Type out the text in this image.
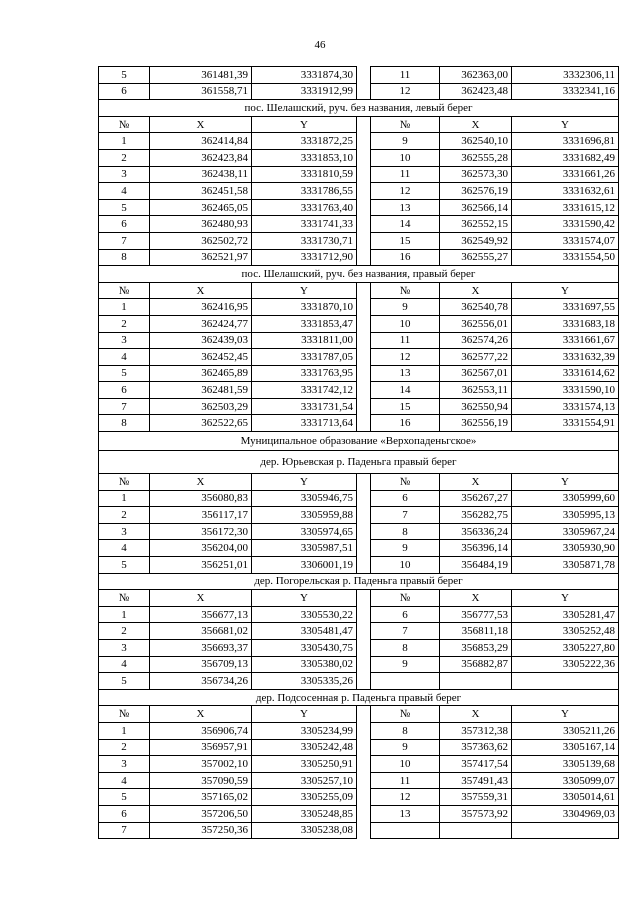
46
5	361481,39	3331874,30		11	362363,00	3332306,11
6	361558,71	3331912,99		12	362423,48	3332341,16
пос. Шелашский, руч. без названия, левый берег						
№	X	Y		№	X	Y
1	362414,84	3331872,25		9	362540,10	3331696,81
2	362423,84	3331853,10		10	362555,28	3331682,49
3	362438,11	3331810,59		11	362573,30	3331661,26
4	362451,58	3331786,55		12	362576,19	3331632,61
5	362465,05	3331763,40		13	362566,14	3331615,12
6	362480,93	3331741,33		14	362552,15	3331590,42
7	362502,72	3331730,71		15	362549,92	3331574,07
8	362521,97	3331712,90		16	362555,27	3331554,50
пос. Шелашский, руч. без названия, правый берег						
№	X	Y		№	X	Y
1	362416,95	3331870,10		9	362540,78	3331697,55
2	362424,77	3331853,47		10	362556,01	3331683,18
3	362439,03	3331811,00		11	362574,26	3331661,67
4	362452,45	3331787,05		12	362577,22	3331632,39
5	362465,89	3331763,95		13	362567,01	3331614,62
6	362481,59	3331742,12		14	362553,11	3331590,10
7	362503,29	3331731,54		15	362550,94	3331574,13
8	362522,65	3331713,64		16	362556,19	3331554,91
Муниципальное образование «Верхопаденьгское»						
дер. Юрьевская р. Паденьга правый берег						
№	X	Y		№	X	Y
1	356080,83	3305946,75		6	356267,27	3305999,60
2	356117,17	3305959,88		7	356282,75	3305995,13
3	356172,30	3305974,65		8	356336,24	3305967,24
4	356204,00	3305987,51		9	356396,14	3305930,90
5	356251,01	3306001,19		10	356484,19	3305871,78
дер. Погорельская р. Паденьга правый берег						
№	X	Y		№	X	Y
1	356677,13	3305530,22		6	356777,53	3305281,47
2	356681,02	3305481,47		7	356811,18	3305252,48
3	356693,37	3305430,75		8	356853,29	3305227,80
4	356709,13	3305380,02		9	356882,87	3305222,36
5	356734,26	3305335,26				
дер. Подсосенная р. Паденьга правый берег						
№	X	Y		№	X	Y
1	356906,74	3305234,99		8	357312,38	3305211,26
2	356957,91	3305242,48		9	357363,62	3305167,14
3	357002,10	3305250,91		10	357417,54	3305139,68
4	357090,59	3305257,10		11	357491,43	3305099,07
5	357165,02	3305255,09		12	357559,31	3305014,61
6	357206,50	3305248,85		13	357573,92	3304969,03
7	357250,36	3305238,08				
